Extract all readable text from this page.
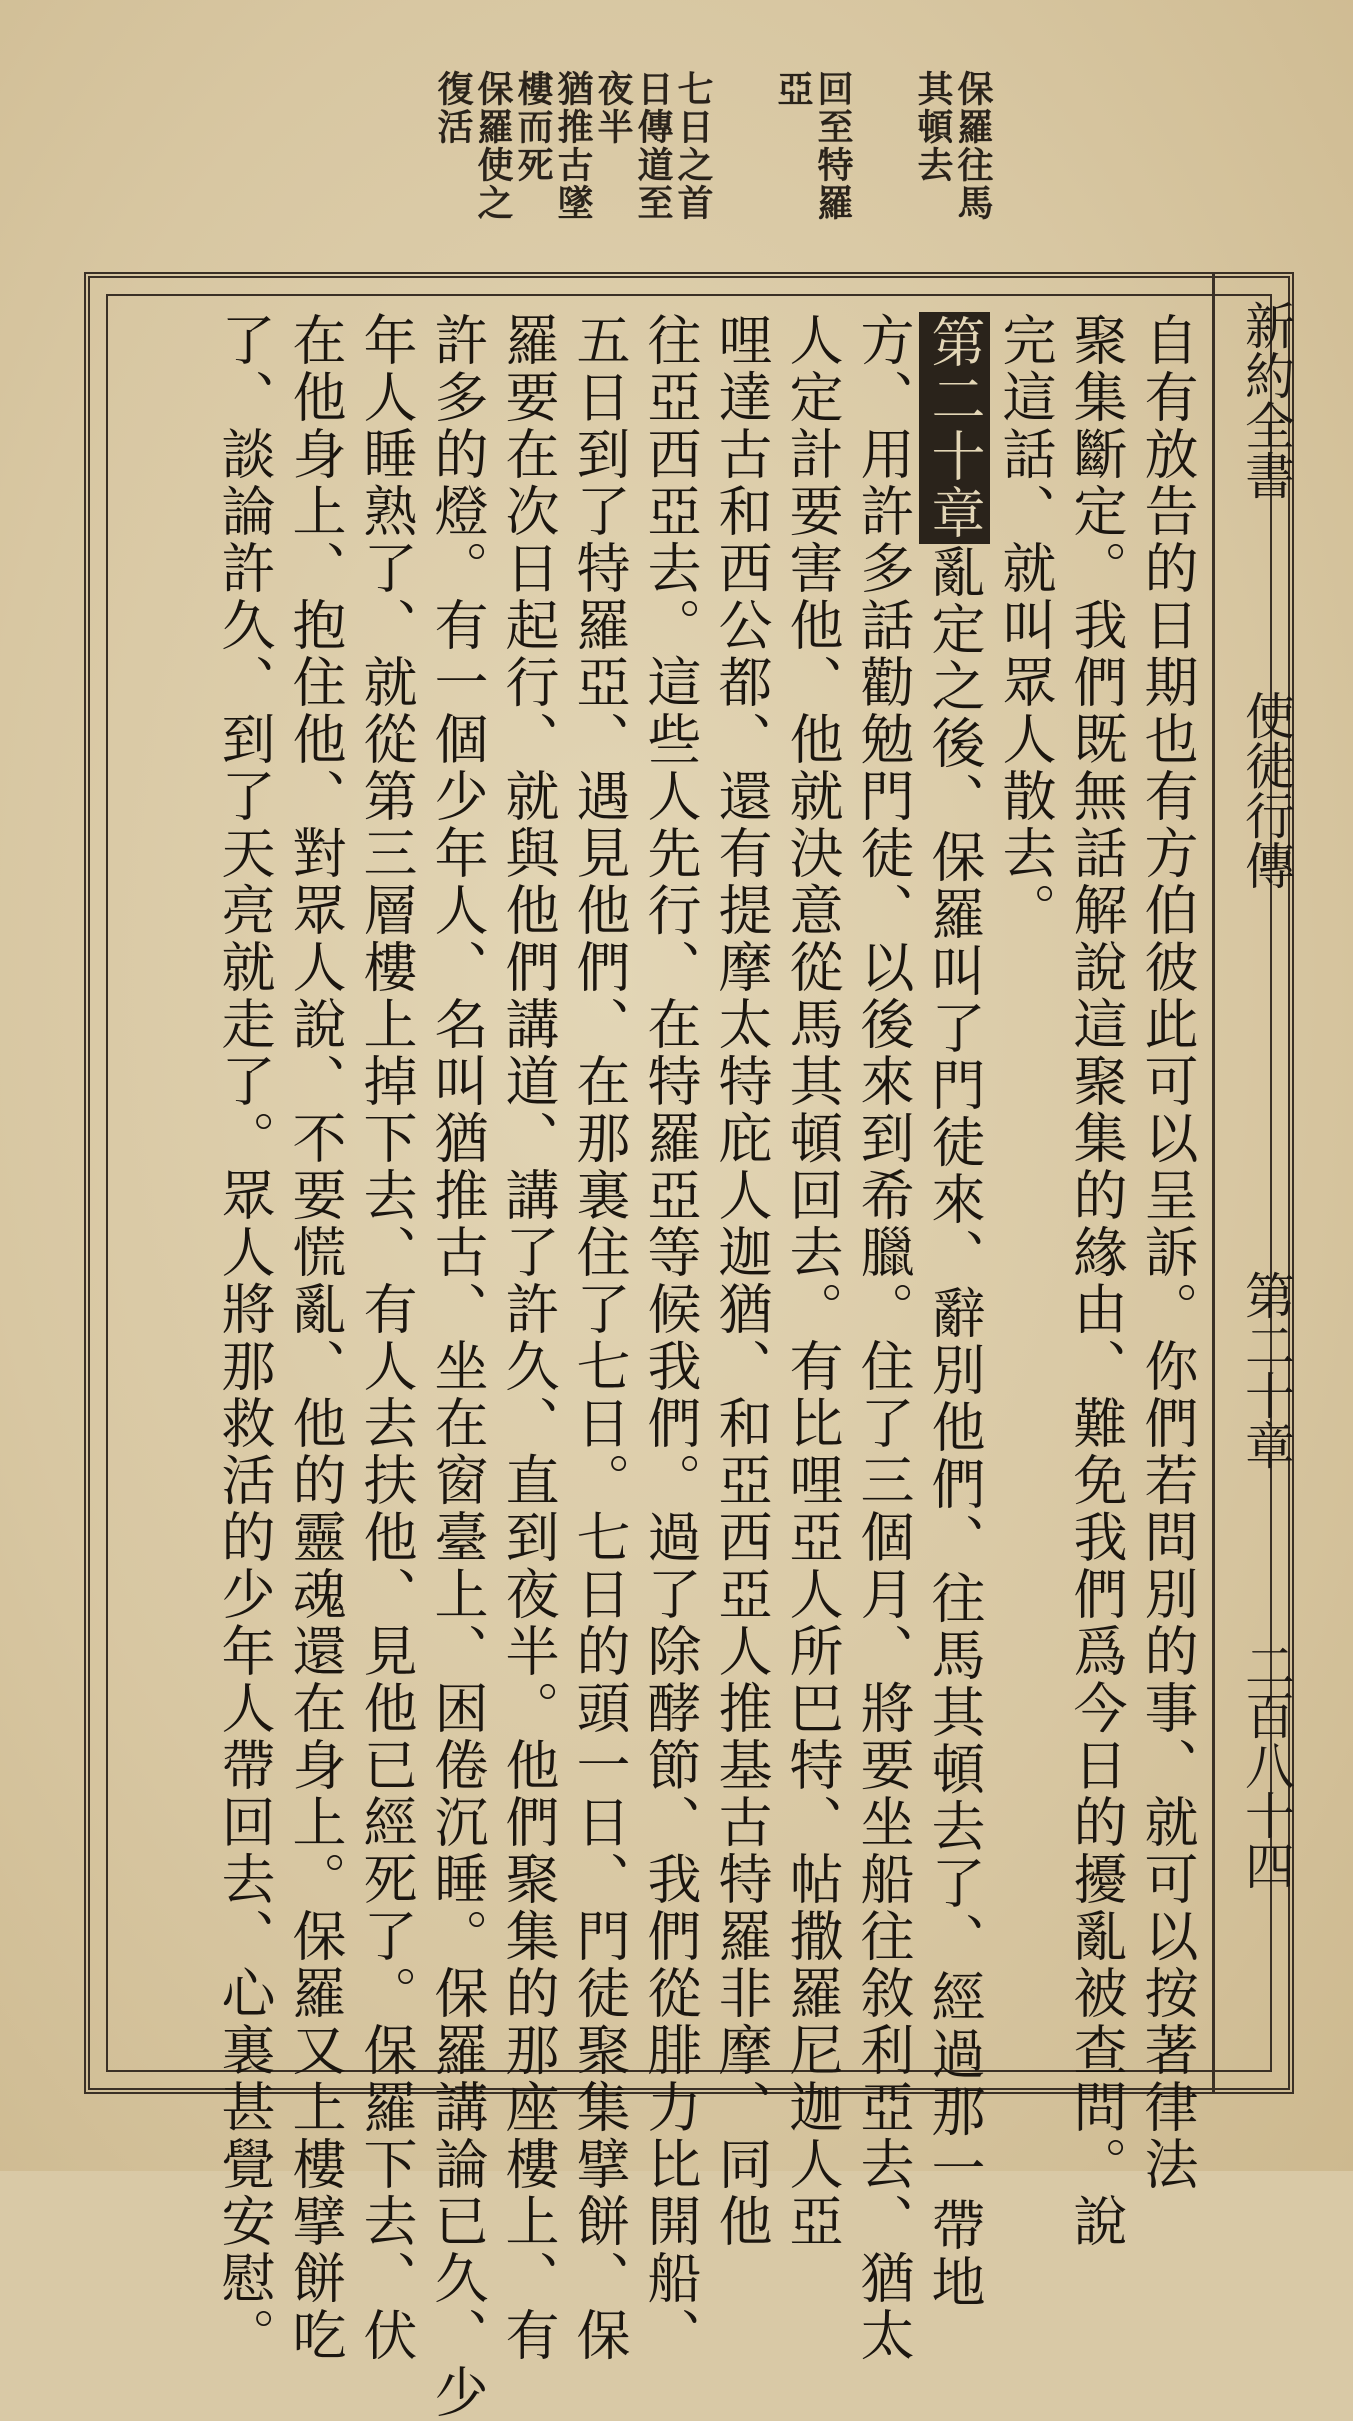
保羅往馬
其頓去
回至特羅
亞
七日之首
日傳道至
夜半
猶推古墜
樓而死
保羅使之
復活
新約全書
使徒行傳
第二十章
二百八十四
自有放告的日期也有方伯彼此可以呈訴。你們若問別的事、就可以按著律法
聚集斷定。我們既無話解說這聚集的緣由、難免我們爲今日的擾亂被查問。說
完這話、就叫眾人散去。
第二十章亂定之後、保羅叫了門徒來、辭別他們、往馬其頓去了、經過那一帶地
方、用許多話勸勉門徒、以後來到希臘。住了三個月、將要坐船往敘利亞去、猶太
人定計要害他、他就決意從馬其頓回去。有比哩亞人所巴特、帖撒羅尼迦人亞
哩達古和西公都、還有提摩太特庇人迦猶、和亞西亞人推基古特羅非摩、同他
往亞西亞去。這些人先行、在特羅亞等候我們。過了除酵節、我們從腓力比開船、
五日到了特羅亞、遇見他們、在那裏住了七日。七日的頭一日、門徒聚集擘餅、保
羅要在次日起行、就與他們講道、講了許久、直到夜半。他們聚集的那座樓上、有
許多的燈。有一個少年人、名叫猶推古、坐在窗臺上、困倦沉睡。保羅講論已久、少
年人睡熟了、就從第三層樓上掉下去、有人去扶他、見他已經死了。保羅下去、伏
在他身上、抱住他、對眾人說、不要慌亂、他的靈魂還在身上。保羅又上樓擘餅吃
了、談論許久、到了天亮就走了。眾人將那救活的少年人帶回去、心裏甚覺安慰。
